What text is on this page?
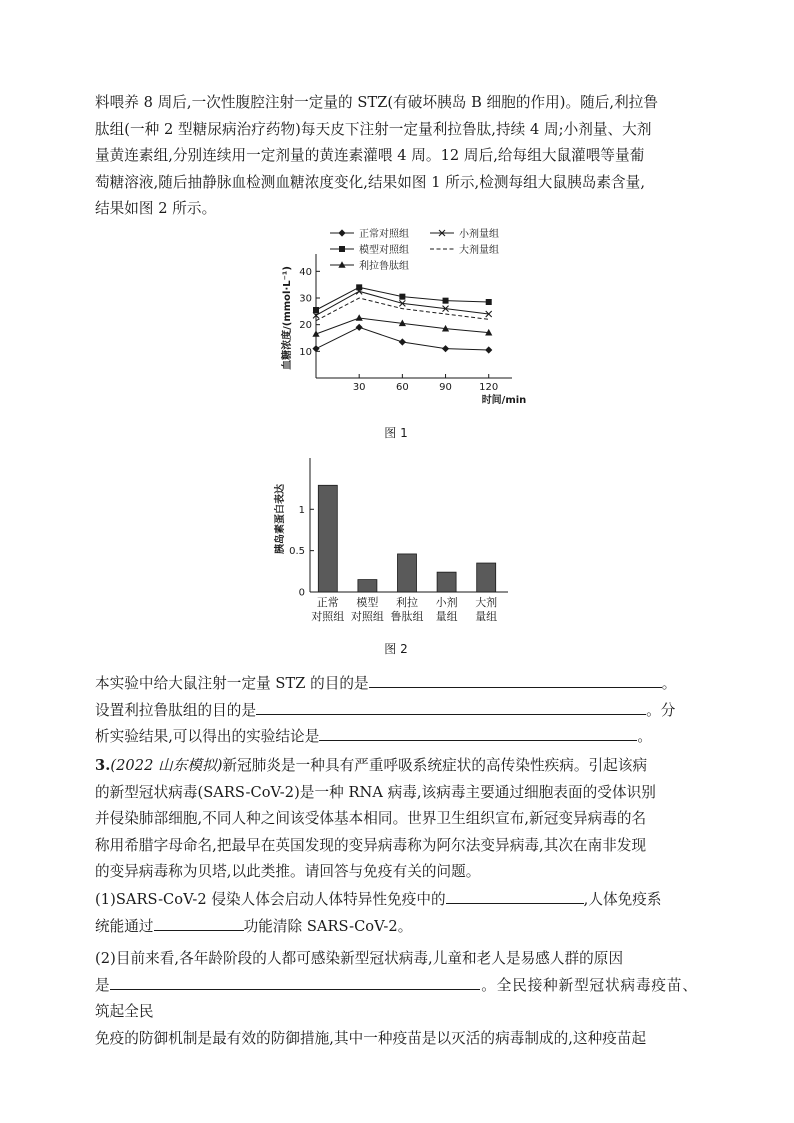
料喂养 8 周后,一次性腹腔注射一定量的 STZ(有破坏胰岛 B 细胞的作用)。随后,利拉鲁
肽组(一种 2 型糖尿病治疗药物)每天皮下注射一定量利拉鲁肽,持续 4 周;小剂量、大剂
量黄连素组,分别连续用一定剂量的黄连素灌喂 4 周。12 周后,给每组大鼠灌喂等量葡
萄糖溶液,随后抽静脉血检测血糖浓度变化,结果如图 1 所示,检测每组大鼠胰岛素含量,
结果如图 2 所示。
10
20
30
40
30	60	90	120
时间/min
血糖浓度/(mmol·L⁻¹)
正常对照组
模型对照组
利拉鲁肽组
小剂量组
大剂量组
图 1
0
0.5
1
胰岛素蛋白表达
正常
对照组
模型
对照组
利拉
鲁肽组
小剂
量组
大剂
量组
图 2
本实验中给大鼠注射一定量 STZ 的目的是	。
设置利拉鲁肽组的目的是	。分
析实验结果,可以得出的实验结论是	。
3.(2022 山东模拟)新冠肺炎是一种具有严重呼吸系统症状的高传染性疾病。引起该病
的新型冠状病毒(SARS-CoV-2)是一种 RNA 病毒,该病毒主要通过细胞表面的受体识别
并侵染肺部细胞,不同人种之间该受体基本相同。世界卫生组织宣布,新冠变异病毒的名
称用希腊字母命名,把最早在英国发现的变异病毒称为阿尔法变异病毒,其次在南非发现
的变异病毒称为贝塔,以此类推。请回答与免疫有关的问题。
(1)SARS-CoV-2 侵染人体会启动人体特异性免疫中的	,人体免疫系
统能通过	功能清除 SARS-CoV-2。
(2)目前来看,各年龄阶段的人都可感染新型冠状病毒,儿童和老人是易感人群的原因
是	。全民接种新型冠状病毒疫苗、筑起全民
免疫的防御机制是最有效的防御措施,其中一种疫苗是以灭活的病毒制成的,这种疫苗起
